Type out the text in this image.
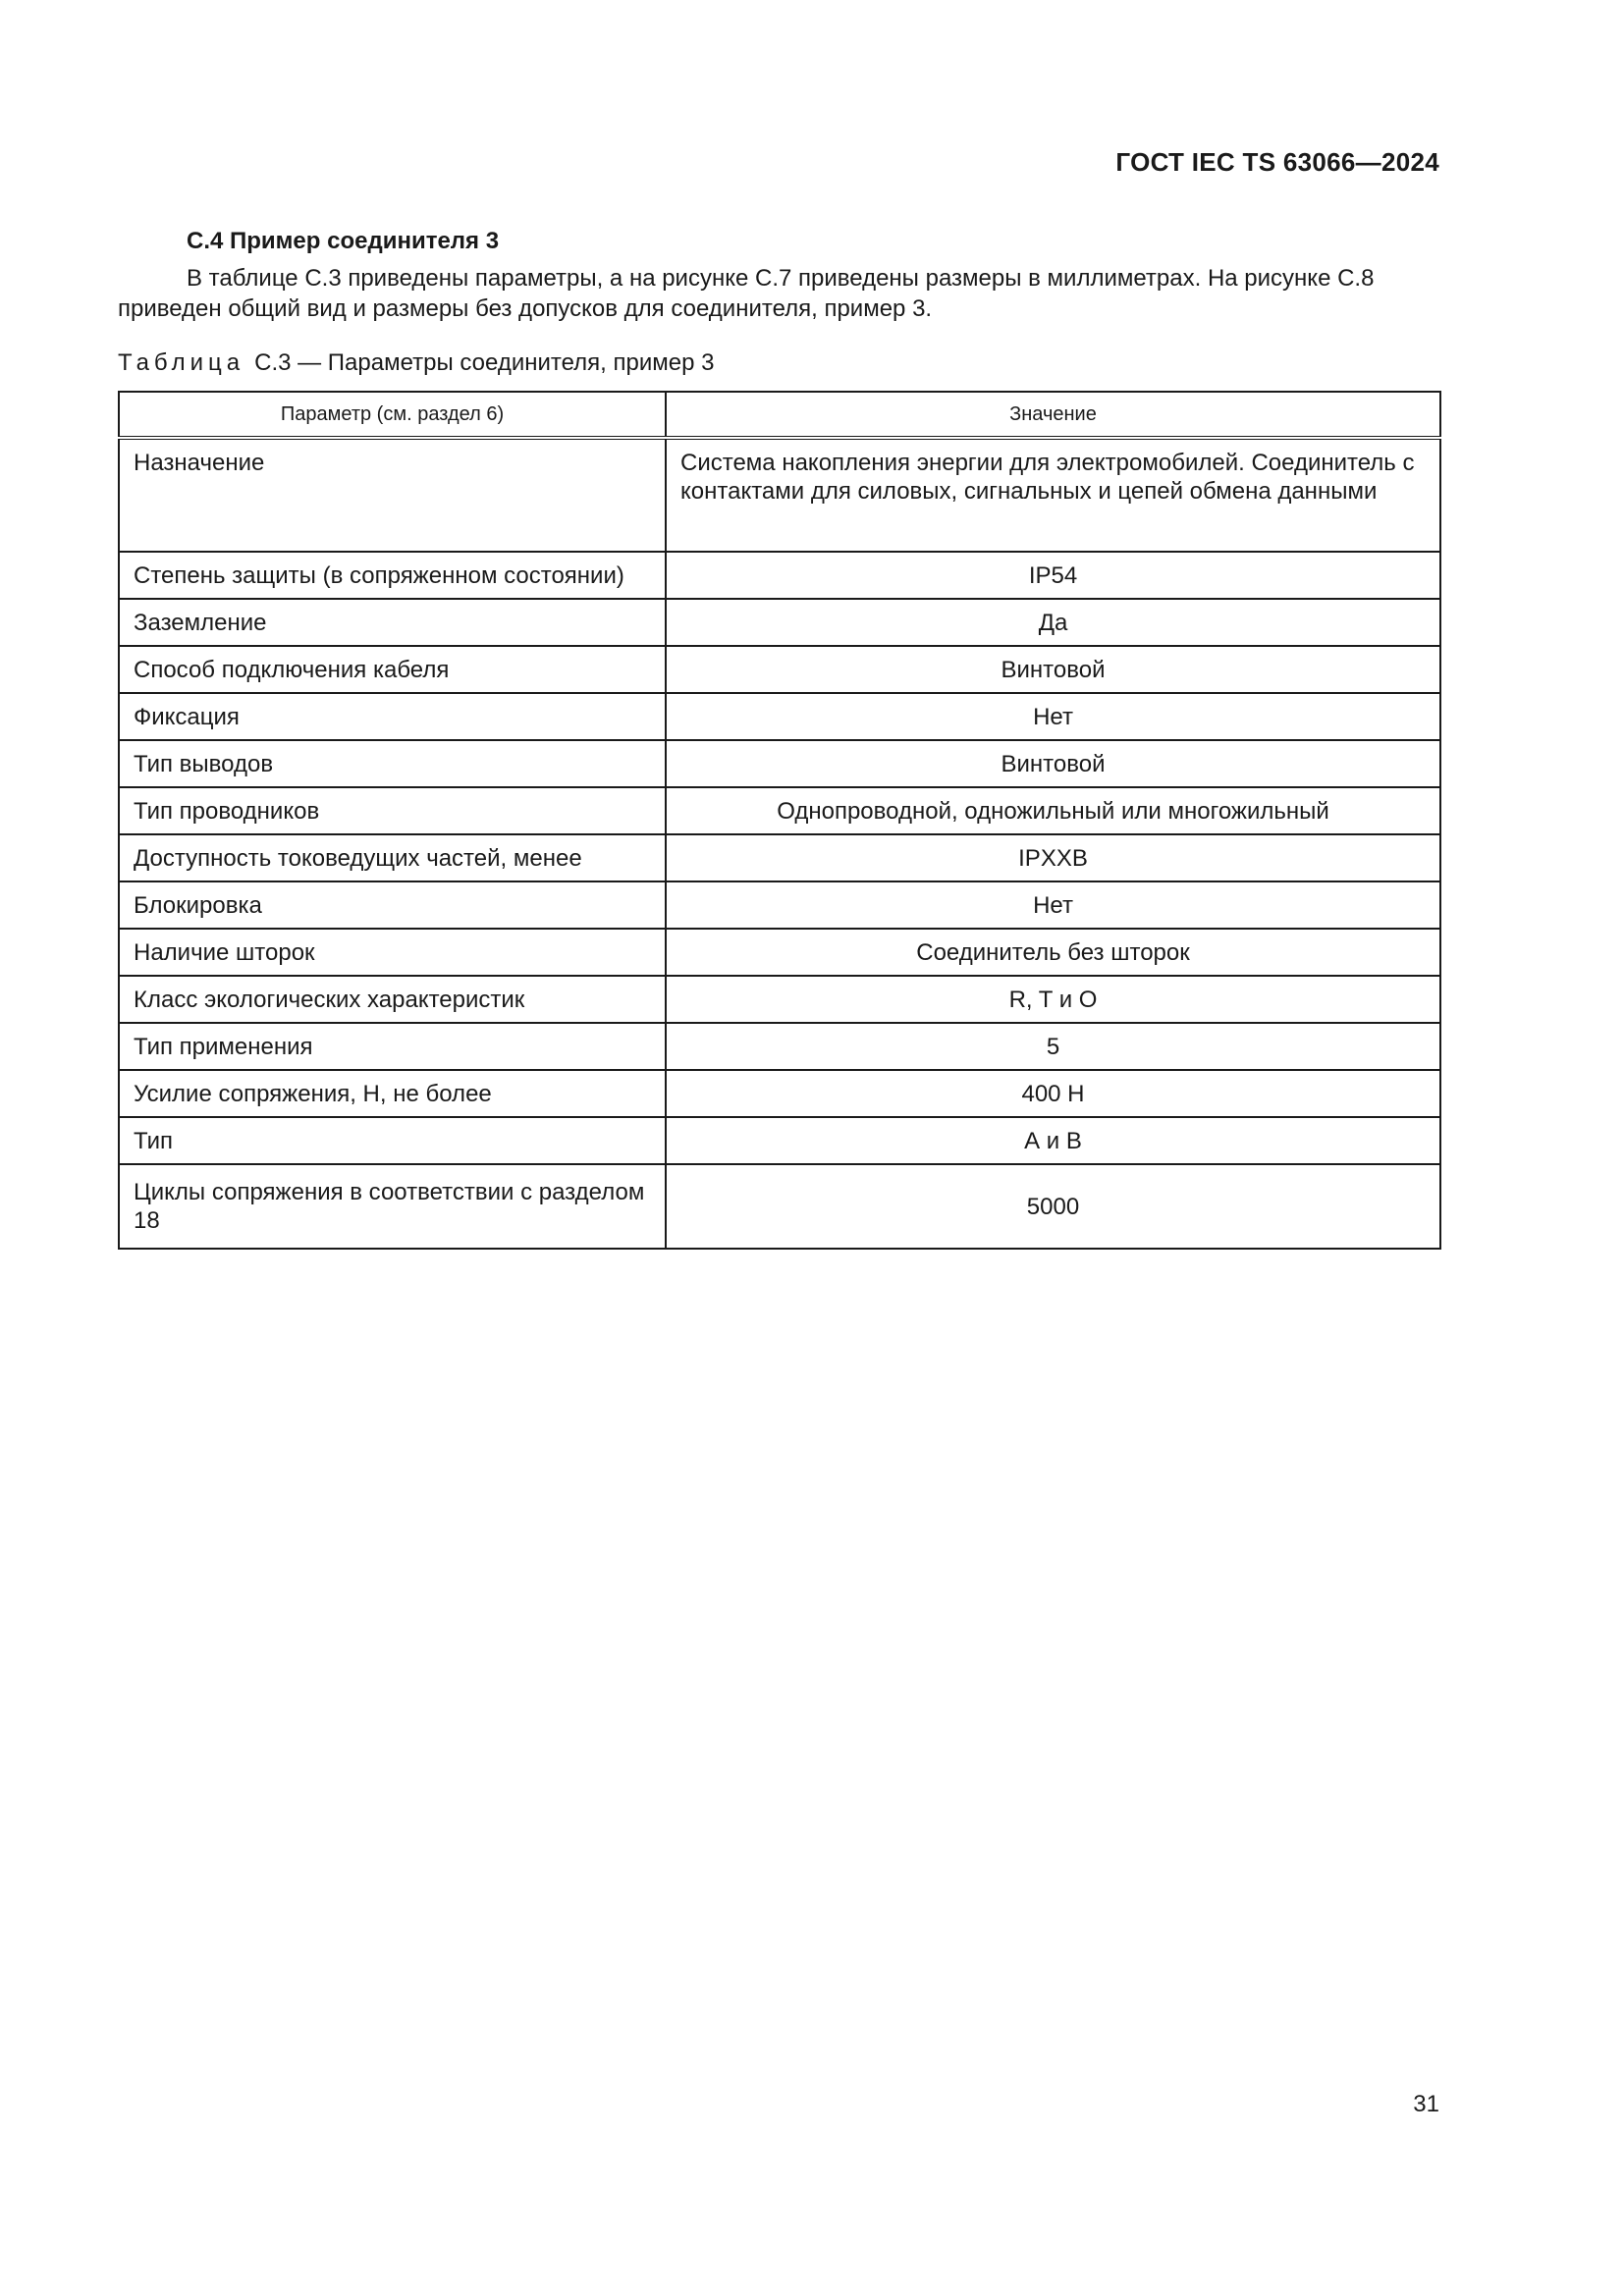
ГОСТ IEC TS 63066—2024
С.4 Пример соединителя 3

В таблице С.3 приведены параметры, а на рисунке С.7 приведены размеры в миллиметрах. На рисунке С.8 приведен общий вид и размеры без допусков для соединителя, пример 3.

Таблица С.3 — Параметры соединителя, пример 3
Параметр (см. раздел 6)	Значение
Назначение	Система накопления энергии для электромобилей. Соединитель с контактами для силовых, сигнальных и цепей обмена данными
Степень защиты (в сопряженном состоянии)	IP54
Заземление	Да
Способ подключения кабеля	Винтовой
Фиксация	Нет
Тип выводов	Винтовой
Тип проводников	Однопроводной, одножильный или многожильный
Доступность токоведущих частей, менее	IPXXB
Блокировка	Нет
Наличие шторок	Соединитель без шторок
Класс экологических характеристик	R, T и O
Тип применения	5
Усилие сопряжения, Н, не более	400 Н
Тип	А и В
Циклы сопряжения в соответствии с разделом 18	5000
31
